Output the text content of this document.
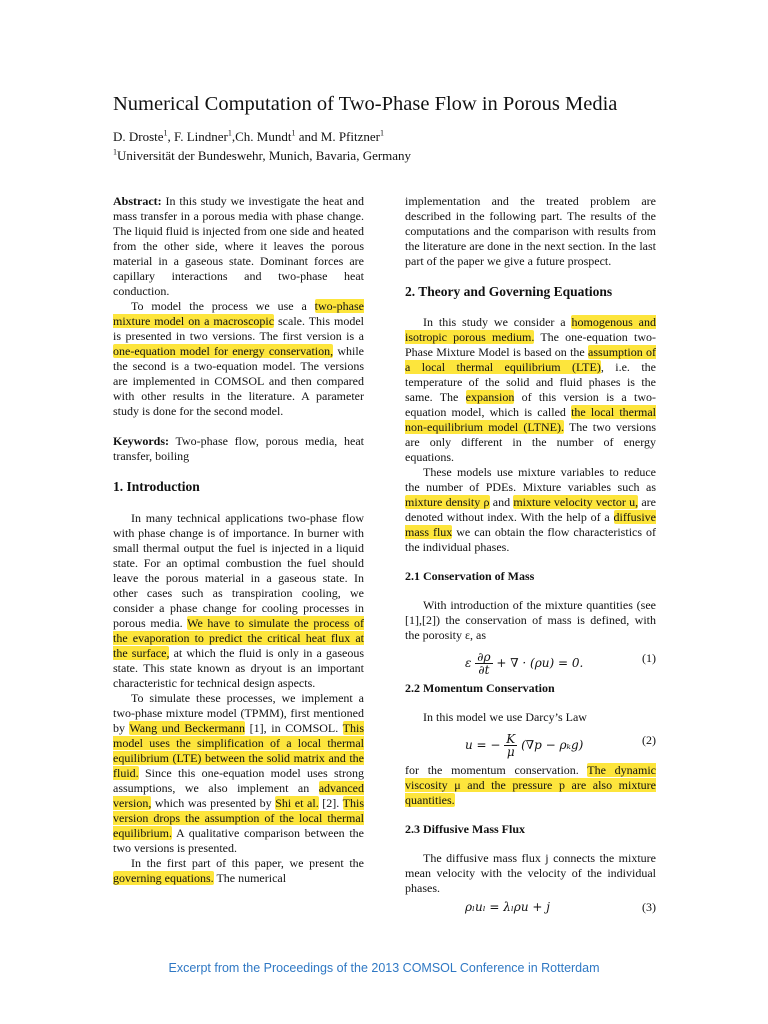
Numerical Computation of Two-Phase Flow in Porous Media
D. Droste$^1$, F. Lindner$^1$,Ch. Mundt$^1$ and M. Pfitzner$^1$
$^1$Universität der Bundeswehr, Munich, Bavaria, Germany

Abstract: In this study we investigate the heat and mass transfer in a porous media with phase change. The liquid fluid is injected from one side and heated from the other side, where it leaves the porous material in a gaseous state. Dominant forces are capillary interactions and two-phase heat conduction.

To model the process we use a two-phase mixture model on a macroscopic scale. This model is presented in two versions. The first version is a one-equation model for energy conservation, while the second is a two-equation model. The versions are implemented in COMSOL and then compared with other results in the literature. A parameter study is done for the second model.

Keywords: Two-phase flow, porous media, heat transfer, boiling

1. Introduction

In many technical applications two-phase flow with phase change is of importance. In burner with small thermal output the fuel is injected in a liquid state. For an optimal combustion the fuel should leave the porous material in a gaseous state. In other cases such as transpiration cooling, we consider a phase change for cooling processes in porous media. We have to simulate the process of the evaporation to predict the critical heat flux at the surface, at which the fluid is only in a gaseous state. This state known as dryout is an important characteristic for technical design aspects.

To simulate these processes, we implement a two-phase mixture model (TPMM), first mentioned by Wang und Beckermann [1], in COMSOL. This model uses the simplification of a local thermal equilibrium (LTE) between the solid matrix and the fluid. Since this one-equation model uses strong assumptions, we also implement an advanced version, which was presented by Shi et al. [2]. This version drops the assumption of the local thermal equilibrium. A qualitative comparison between the two versions is presented.

In the first part of this paper, we present the governing equations. The numerical

implementation and the treated problem are described in the following part. The results of the computations and the comparison with results from the literature are done in the next section. In the last part of the paper we give a future prospect.

2. Theory and Governing Equations

In this study we consider a homogenous and isotropic porous medium. The one-equation two-Phase Mixture Model is based on the assumption of a local thermal equilibrium (LTE), i.e. the temperature of the solid and fluid phases is the same. The expansion of this version is a two-equation model, which is called the local thermal non-equilibrium model (LTNE). The two versions are only different in the number of energy equations.

These models use mixture variables to reduce the number of PDEs. Mixture variables such as mixture density ρ and mixture velocity vector u, are denoted without index. With the help of a diffusive mass flux we can obtain the flow characteristics of the individual phases.

2.1 Conservation of Mass

With introduction of the mixture quantities (see [1],[2]) the conservation of mass is defined, with the porosity ε, as

ε $\frac{\partial\rho}{\partial t}$ + ∇ · (ρu) = 0.	(1)
2.2 Momentum Conservation

In this model we use Darcy’s Law

u = − $\frac{K}{\mu} (\nabla p - \rho_kg)$	(2)

for the momentum conservation. The dynamic viscosity μ and the pressure p are also mixture quantities.

2.3 Diffusive Mass Flux

The diffusive mass flux j connects the mixture mean velocity with the velocity of the individual phases.

ρₗuₗ = λₗρu + j	(3)
Excerpt from the Proceedings of the 2013 COMSOL Conference in Rotterdam
